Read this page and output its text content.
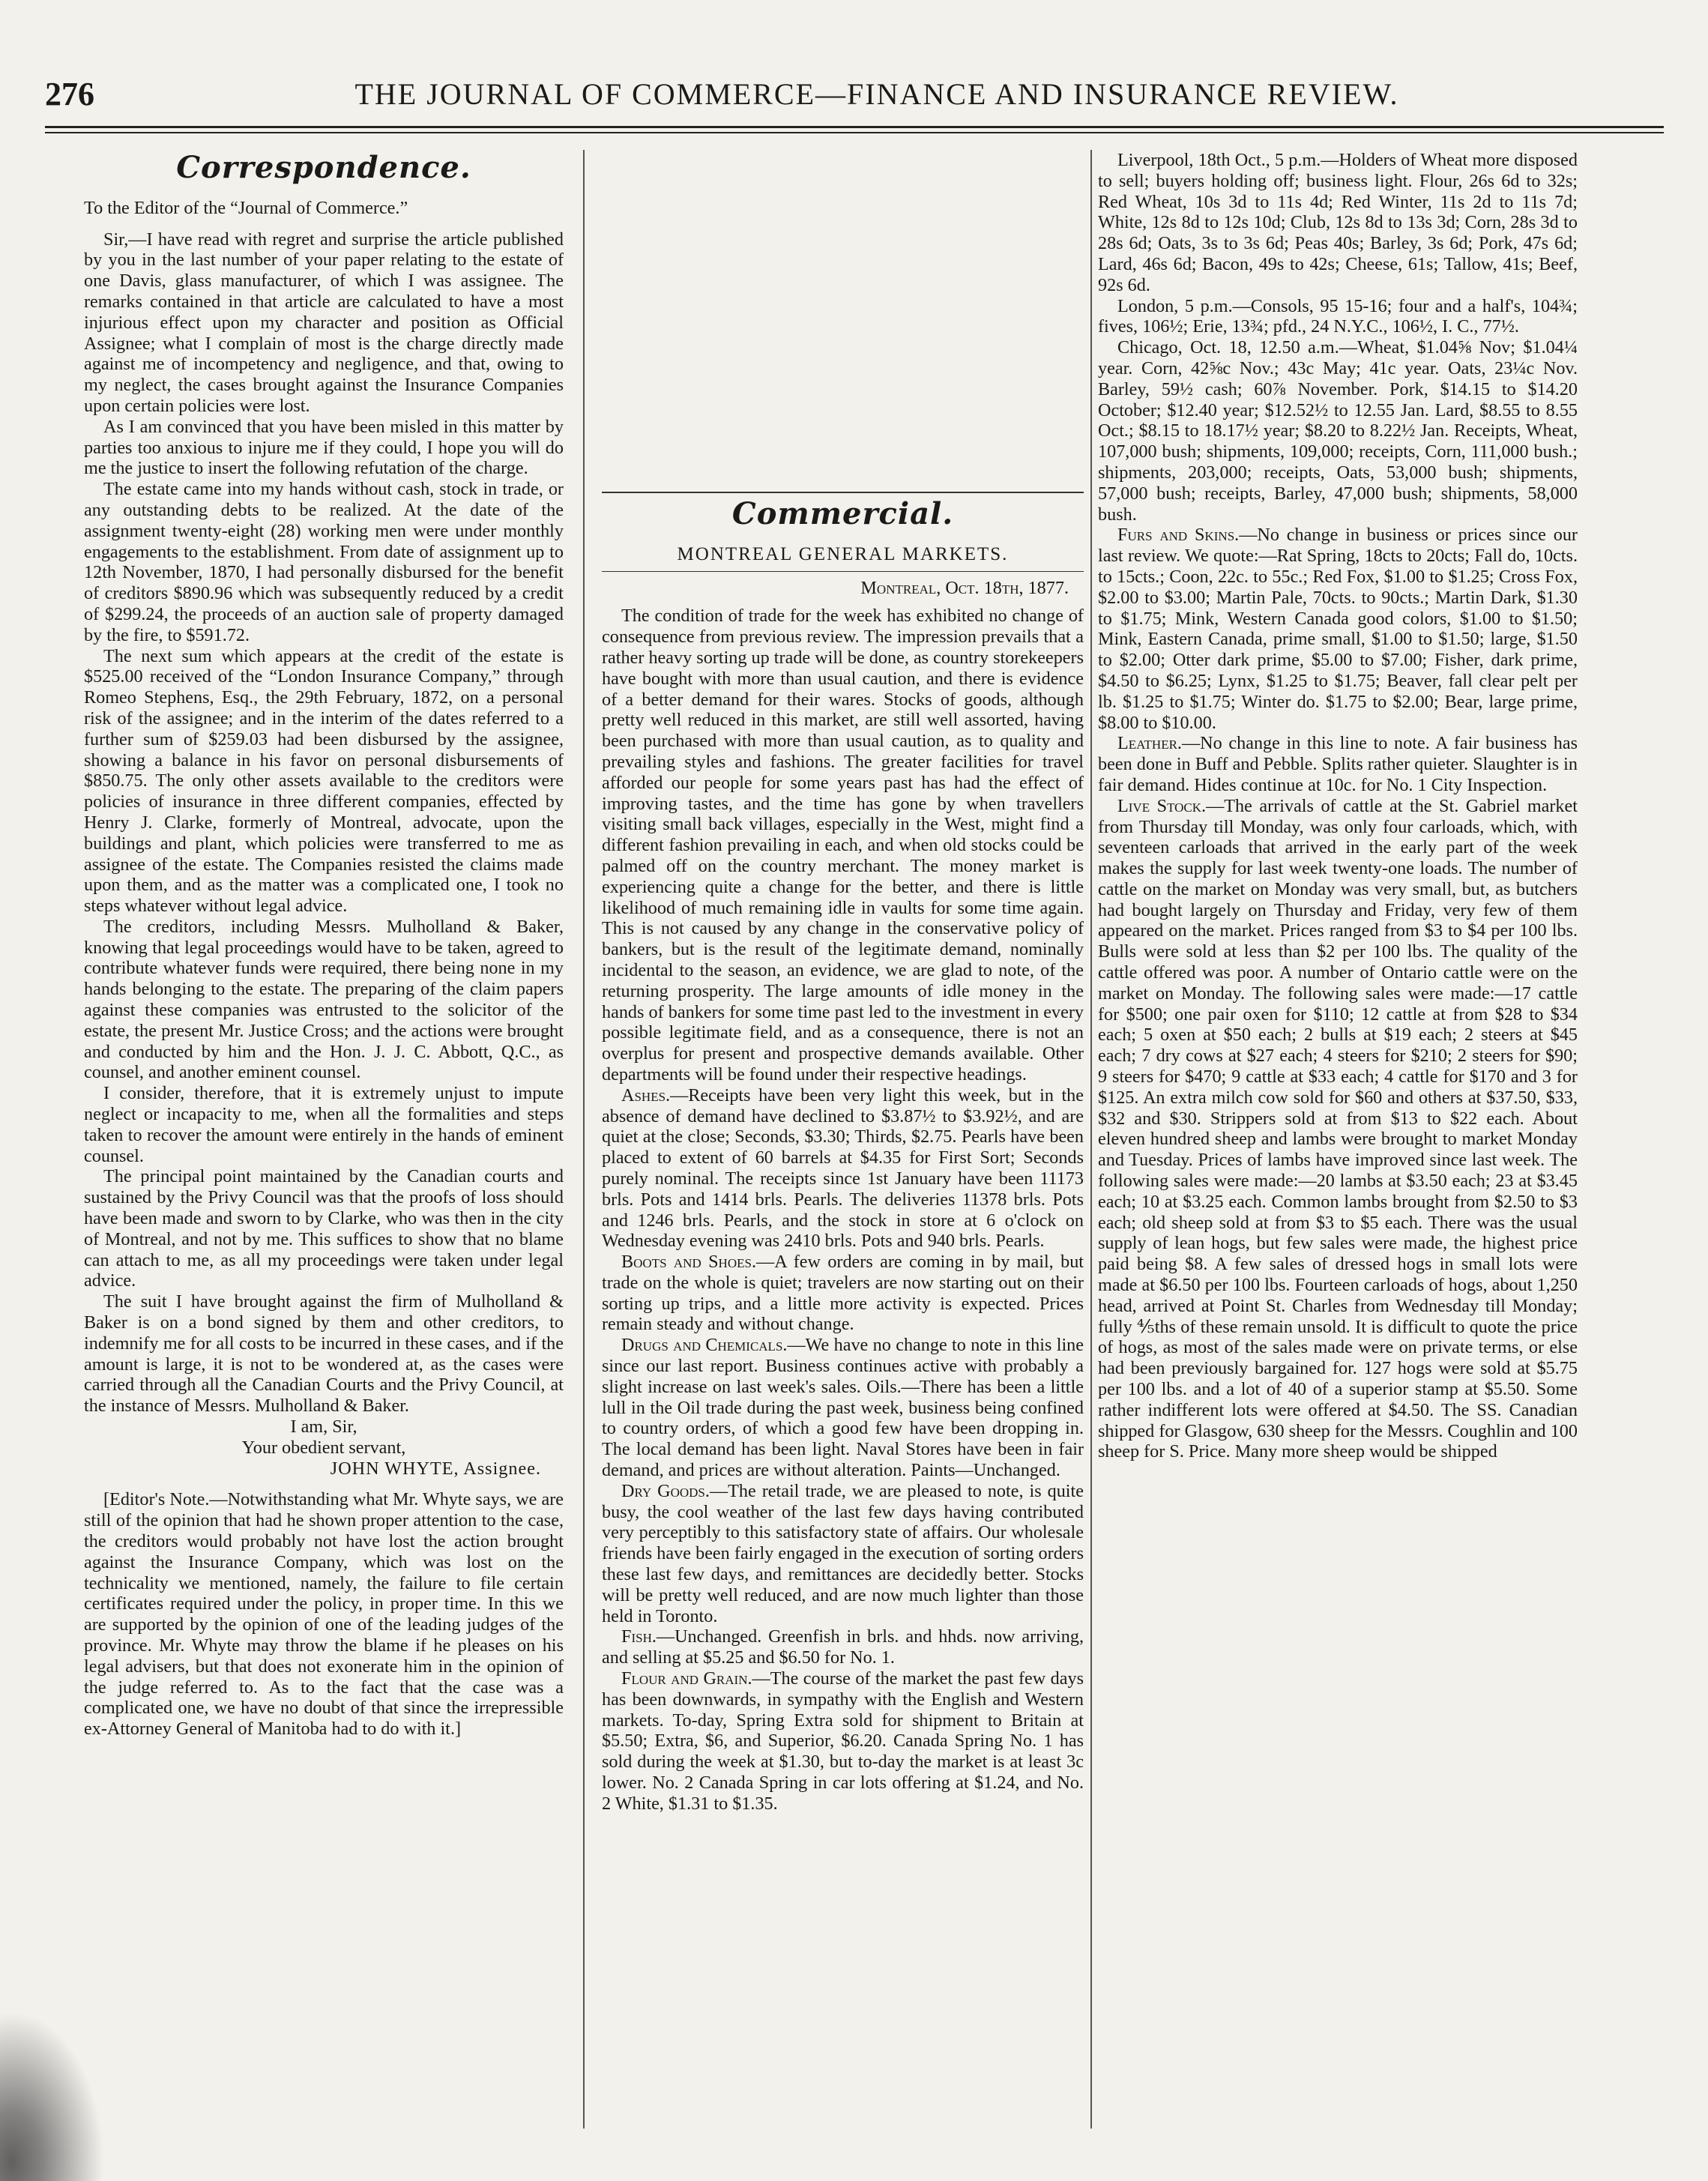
276	THE JOURNAL OF COMMERCE—FINANCE AND INSURANCE REVIEW.
Correspondence.

To the Editor of the “Journal of Commerce.”

Sir,—I have read with regret and surprise the article published by you in the last number of your paper relating to the estate of one Davis, glass manufacturer, of which I was assignee. The remarks contained in that article are calculated to have a most injurious effect upon my character and position as Official Assignee; what I complain of most is the charge directly made against me of incompetency and negligence, and that, owing to my neglect, the cases brought against the Insurance Companies upon certain policies were lost.

As I am convinced that you have been misled in this matter by parties too anxious to injure me if they could, I hope you will do me the justice to insert the following refutation of the charge.

The estate came into my hands without cash, stock in trade, or any outstanding debts to be realized. At the date of the assignment twenty-eight (28) working men were under monthly engagements to the establishment. From date of assignment up to 12th November, 1870, I had personally disbursed for the benefit of creditors $890.96 which was subsequently reduced by a credit of $299.24, the proceeds of an auction sale of property damaged by the fire, to $591.72.

The next sum which appears at the credit of the estate is $525.00 received of the “London Insurance Company,” through Romeo Stephens, Esq., the 29th February, 1872, on a personal risk of the assignee; and in the interim of the dates referred to a further sum of $259.03 had been disbursed by the assignee, showing a balance in his favor on personal disbursements of $850.75. The only other assets available to the creditors were policies of insurance in three different companies, effected by Henry J. Clarke, formerly of Montreal, advocate, upon the buildings and plant, which policies were transferred to me as assignee of the estate. The Companies resisted the claims made upon them, and as the matter was a complicated one, I took no steps whatever without legal advice.

The creditors, including Messrs. Mulholland & Baker, knowing that legal proceedings would have to be taken, agreed to contribute whatever funds were required, there being none in my hands belonging to the estate. The preparing of the claim papers against these companies was entrusted to the solicitor of the estate, the present Mr. Justice Cross; and the actions were brought and conducted by him and the Hon. J. J. C. Abbott, Q.C., as counsel, and another eminent counsel.

I consider, therefore, that it is extremely unjust to impute neglect or incapacity to me, when all the formalities and steps taken to recover the amount were entirely in the hands of eminent counsel.

The principal point maintained by the Canadian courts and sustained by the Privy Council was that the proofs of loss should have been made and sworn to by Clarke, who was then in the city of Montreal, and not by me. This suffices to show that no blame can attach to me, as all my proceedings were taken under legal advice.

The suit I have brought against the firm of Mulholland & Baker is on a bond signed by them and other creditors, to indemnify me for all costs to be incurred in these cases, and if the amount is large, it is not to be wondered at, as the cases were carried through all the Canadian Courts and the Privy Council, at the instance of Messrs. Mulholland & Baker.

I am, Sir,

Your obedient servant,

JOHN WHYTE, Assignee.

[Editor's Note.—Notwithstanding what Mr. Whyte says, we are still of the opinion that had he shown proper attention to the case, the creditors would probably not have lost the action brought against the Insurance Company, which was lost on the technicality we mentioned, namely, the failure to file certain certificates required under the policy, in proper time. In this we are supported by the opinion of one of the leading judges of the province. Mr. Whyte may throw the blame if he pleases on his legal advisers, but that does not exonerate him in the opinion of the judge referred to. As to the fact that the case was a complicated one, we have no doubt of that since the irrepressible ex-Attorney General of Manitoba had to do with it.]

Commercial.
MONTREAL GENERAL MARKETS.
Montreal, Oct. 18th, 1877.

The condition of trade for the week has exhibited no change of consequence from previous review. The impression prevails that a rather heavy sorting up trade will be done, as country storekeepers have bought with more than usual caution, and there is evidence of a better demand for their wares. Stocks of goods, although pretty well reduced in this market, are still well assorted, having been purchased with more than usual caution, as to quality and prevailing styles and fashions. The greater facilities for travel afforded our people for some years past has had the effect of improving tastes, and the time has gone by when travellers visiting small back villages, especially in the West, might find a different fashion prevailing in each, and when old stocks could be palmed off on the country merchant. The money market is experiencing quite a change for the better, and there is little likelihood of much remaining idle in vaults for some time again. This is not caused by any change in the conservative policy of bankers, but is the result of the legitimate demand, nominally incidental to the season, an evidence, we are glad to note, of the returning prosperity. The large amounts of idle money in the hands of bankers for some time past led to the investment in every possible legitimate field, and as a consequence, there is not an overplus for present and prospective demands available. Other departments will be found under their respective headings.

Ashes.—Receipts have been very light this week, but in the absence of demand have declined to $3.87½ to $3.92½, and are quiet at the close; Seconds, $3.30; Thirds, $2.75. Pearls have been placed to extent of 60 barrels at $4.35 for First Sort; Seconds purely nominal. The receipts since 1st January have been 11173 brls. Pots and 1414 brls. Pearls. The deliveries 11378 brls. Pots and 1246 brls. Pearls, and the stock in store at 6 o'clock on Wednesday evening was 2410 brls. Pots and 940 brls. Pearls.

Boots and Shoes.—A few orders are coming in by mail, but trade on the whole is quiet; travelers are now starting out on their sorting up trips, and a little more activity is expected. Prices remain steady and without change.

Drugs and Chemicals.—We have no change to note in this line since our last report. Business continues active with probably a slight increase on last week's sales. Oils.—There has been a little lull in the Oil trade during the past week, business being confined to country orders, of which a good few have been dropping in. The local demand has been light. Naval Stores have been in fair demand, and prices are without alteration. Paints—Unchanged.

Dry Goods.—The retail trade, we are pleased to note, is quite busy, the cool weather of the last few days having contributed very perceptibly to this satisfactory state of affairs. Our wholesale friends have been fairly engaged in the execution of sorting orders these last few days, and remittances are decidedly better. Stocks will be pretty well reduced, and are now much lighter than those held in Toronto.

Fish.—Unchanged. Greenfish in brls. and hhds. now arriving, and selling at $5.25 and $6.50 for No. 1.

Flour and Grain.—The course of the market the past few days has been downwards, in sympathy with the English and Western markets. To-day, Spring Extra sold for shipment to Britain at $5.50; Extra, $6, and Superior, $6.20. Canada Spring No. 1 has sold during the week at $1.30, but to-day the market is at least 3c lower. No. 2 Canada Spring in car lots offering at $1.24, and No. 2 White, $1.31 to $1.35.

Liverpool, 18th Oct., 5 p.m.—Holders of Wheat more disposed to sell; buyers holding off; business light. Flour, 26s 6d to 32s; Red Wheat, 10s 3d to 11s 4d; Red Winter, 11s 2d to 11s 7d; White, 12s 8d to 12s 10d; Club, 12s 8d to 13s 3d; Corn, 28s 3d to 28s 6d; Oats, 3s to 3s 6d; Peas 40s; Barley, 3s 6d; Pork, 47s 6d; Lard, 46s 6d; Bacon, 49s to 42s; Cheese, 61s; Tallow, 41s; Beef, 92s 6d.

London, 5 p.m.—Consols, 95 15-16; four and a half's, 104¾; fives, 106½; Erie, 13¾; pfd., 24 N.Y.C., 106½, I. C., 77½.

Chicago, Oct. 18, 12.50 a.m.—Wheat, $1.04⅝ Nov; $1.04¼ year. Corn, 42⅝c Nov.; 43c May; 41c year. Oats, 23¼c Nov. Barley, 59½ cash; 60⅞ November. Pork, $14.15 to $14.20 October; $12.40 year; $12.52½ to 12.55 Jan. Lard, $8.55 to 8.55 Oct.; $8.15 to 18.17½ year; $8.20 to 8.22½ Jan. Receipts, Wheat, 107,000 bush; shipments, 109,000; receipts, Corn, 111,000 bush.; shipments, 203,000; receipts, Oats, 53,000 bush; shipments, 57,000 bush; receipts, Barley, 47,000 bush; shipments, 58,000 bush.

Furs and Skins.—No change in business or prices since our last review. We quote:—Rat Spring, 18cts to 20cts; Fall do, 10cts. to 15cts.; Coon, 22c. to 55c.; Red Fox, $1.00 to $1.25; Cross Fox, $2.00 to $3.00; Martin Pale, 70cts. to 90cts.; Martin Dark, $1.30 to $1.75; Mink, Western Canada good colors, $1.00 to $1.50; Mink, Eastern Canada, prime small, $1.00 to $1.50; large, $1.50 to $2.00; Otter dark prime, $5.00 to $7.00; Fisher, dark prime, $4.50 to $6.25; Lynx, $1.25 to $1.75; Beaver, fall clear pelt per lb. $1.25 to $1.75; Winter do. $1.75 to $2.00; Bear, large prime, $8.00 to $10.00.

Leather.—No change in this line to note. A fair business has been done in Buff and Pebble. Splits rather quieter. Slaughter is in fair demand. Hides continue at 10c. for No. 1 City Inspection.

Live Stock.—The arrivals of cattle at the St. Gabriel market from Thursday till Monday, was only four carloads, which, with seventeen carloads that arrived in the early part of the week makes the supply for last week twenty-one loads. The number of cattle on the market on Monday was very small, but, as butchers had bought largely on Thursday and Friday, very few of them appeared on the market. Prices ranged from $3 to $4 per 100 lbs. Bulls were sold at less than $2 per 100 lbs. The quality of the cattle offered was poor. A number of Ontario cattle were on the market on Monday. The following sales were made:—17 cattle for $500; one pair oxen for $110; 12 cattle at from $28 to $34 each; 5 oxen at $50 each; 2 bulls at $19 each; 2 steers at $45 each; 7 dry cows at $27 each; 4 steers for $210; 2 steers for $90; 9 steers for $470; 9 cattle at $33 each; 4 cattle for $170 and 3 for $125. An extra milch cow sold for $60 and others at $37.50, $33, $32 and $30. Strippers sold at from $13 to $22 each. About eleven hundred sheep and lambs were brought to market Monday and Tuesday. Prices of lambs have improved since last week. The following sales were made:—20 lambs at $3.50 each; 23 at $3.45 each; 10 at $3.25 each. Common lambs brought from $2.50 to $3 each; old sheep sold at from $3 to $5 each. There was the usual supply of lean hogs, but few sales were made, the highest price paid being $8. A few sales of dressed hogs in small lots were made at $6.50 per 100 lbs. Fourteen carloads of hogs, about 1,250 head, arrived at Point St. Charles from Wednesday till Monday; fully ⅘ths of these remain unsold. It is difficult to quote the price of hogs, as most of the sales made were on private terms, or else had been previously bargained for. 127 hogs were sold at $5.75 per 100 lbs. and a lot of 40 of a superior stamp at $5.50. Some rather indifferent lots were offered at $4.50. The SS. Canadian shipped for Glasgow, 630 sheep for the Messrs. Coughlin and 100 sheep for S. Price. Many more sheep would be shipped
